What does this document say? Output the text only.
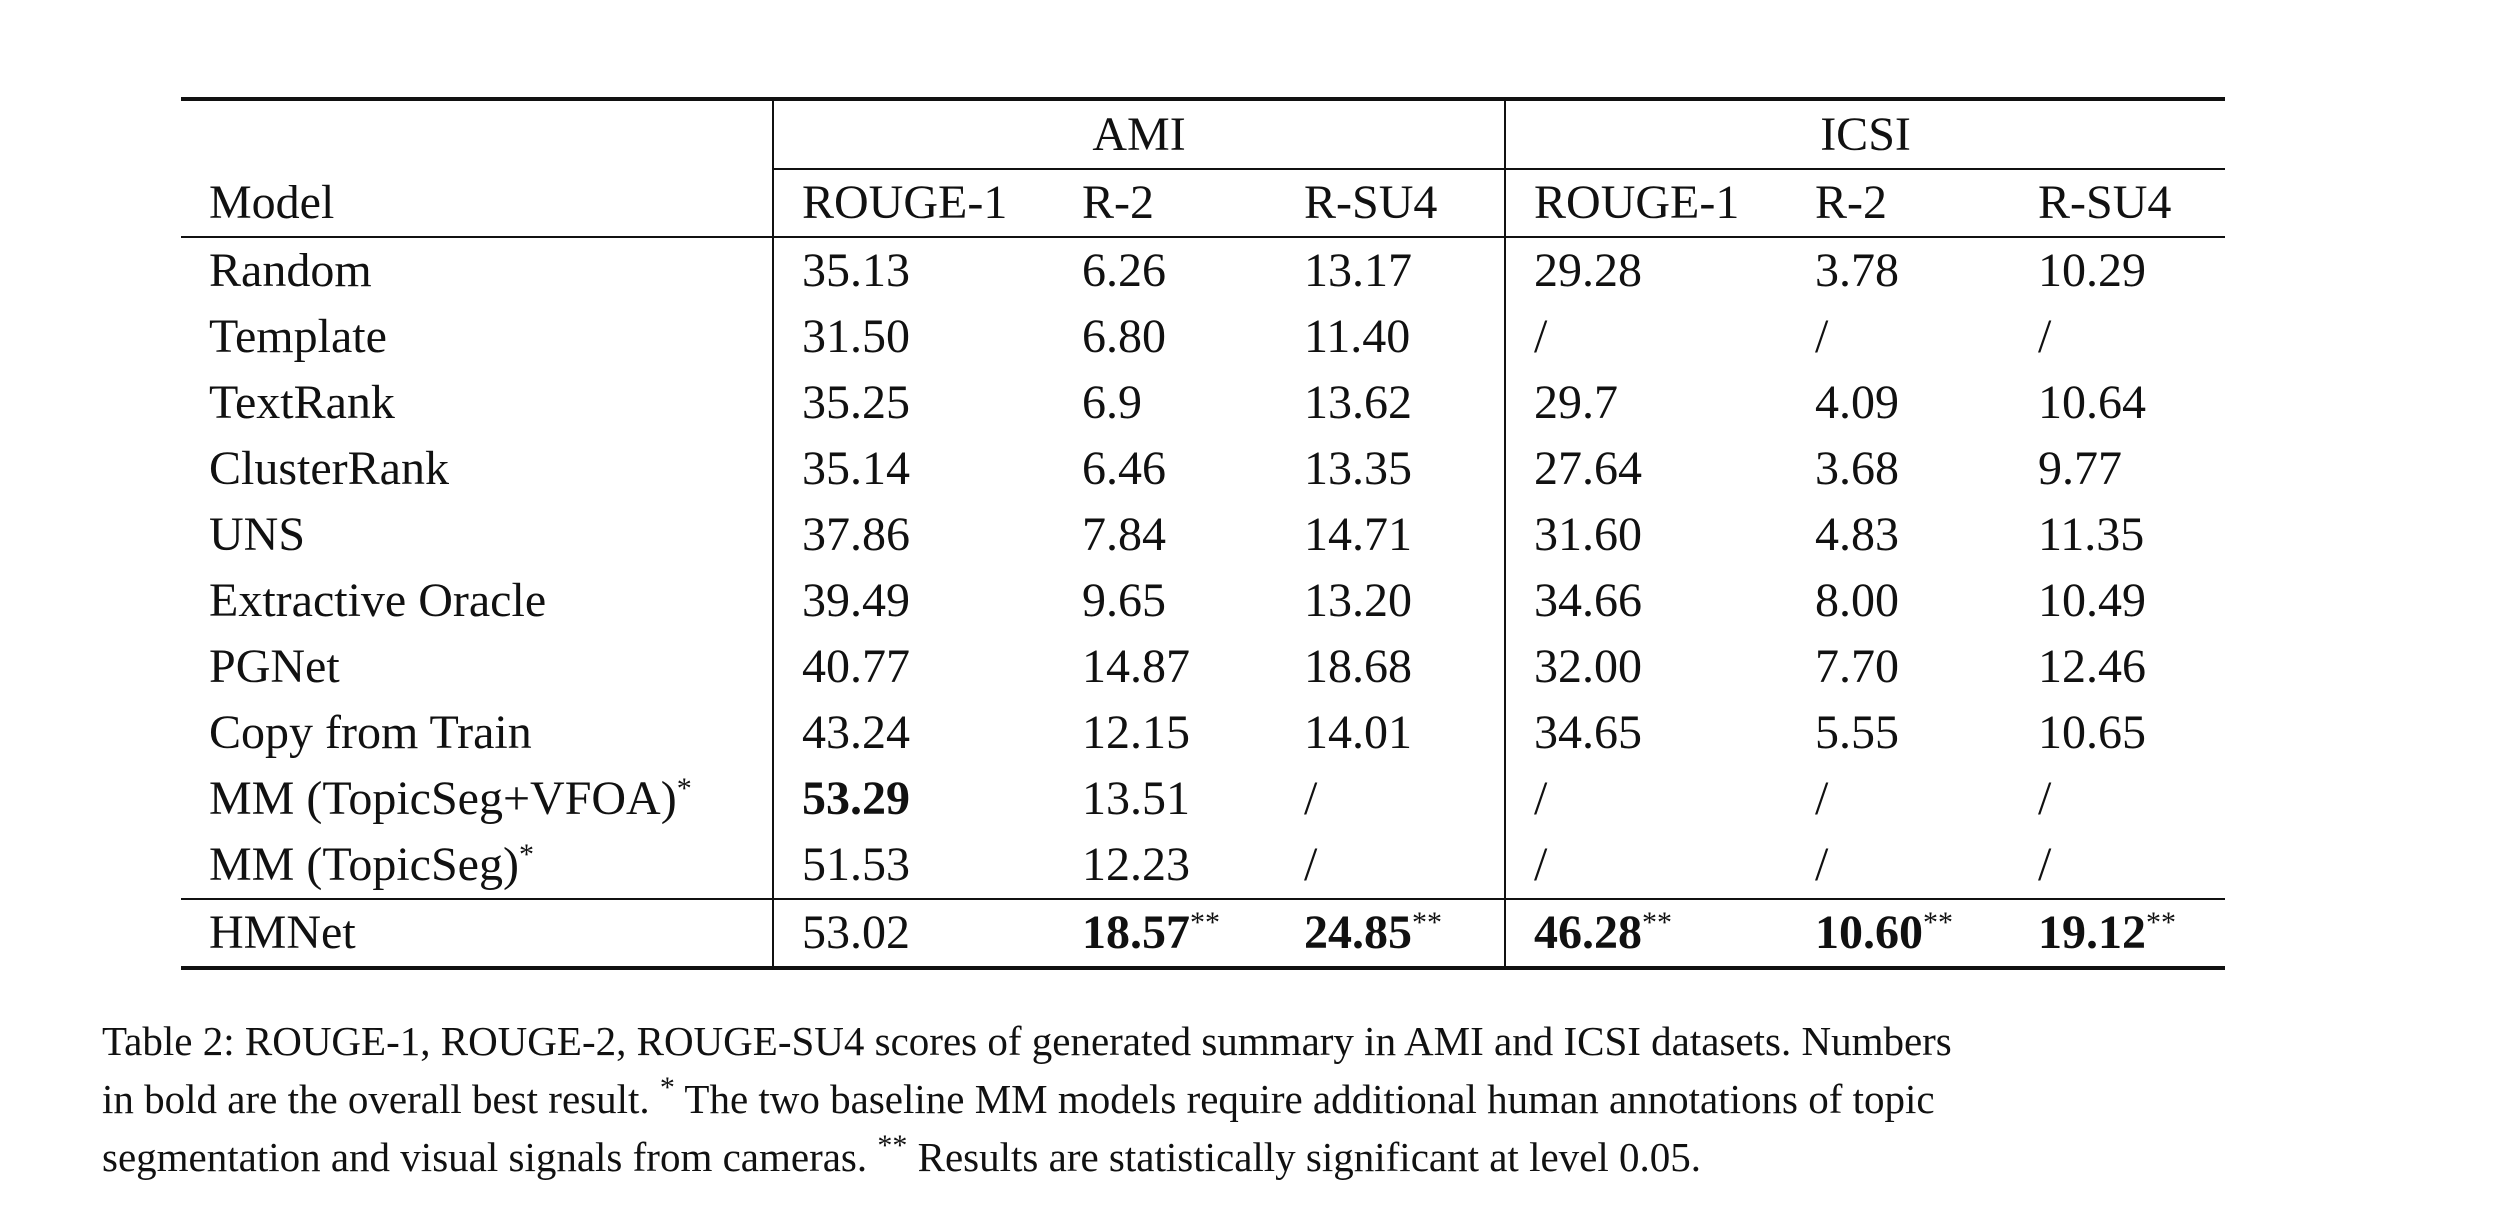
	AMI			ICSI		
Model	ROUGE-1	R-2	R-SU4	ROUGE-1	R-2	R-SU4
Random	35.13	6.26	13.17	29.28	3.78	10.29
Template	31.50	6.80	11.40	/	/	/
TextRank	35.25	6.9	13.62	29.7	4.09	10.64
ClusterRank	35.14	6.46	13.35	27.64	3.68	9.77
UNS	37.86	7.84	14.71	31.60	4.83	11.35
Extractive Oracle	39.49	9.65	13.20	34.66	8.00	10.49
PGNet	40.77	14.87	18.68	32.00	7.70	12.46
Copy from Train	43.24	12.15	14.01	34.65	5.55	10.65
MM (TopicSeg+VFOA)*	53.29	13.51	/	/	/	/
MM (TopicSeg)*	51.53	12.23	/	/	/	/
HMNet	53.02	18.57**	24.85**	46.28**	10.60**	19.12**

Table 2: ROUGE-1, ROUGE-2, ROUGE-SU4 scores of generated summary in AMI and ICSI datasets. Numbers

in bold are the overall best result. * The two baseline MM models require additional human annotations of topic

segmentation and visual signals from cameras. ** Results are statistically significant at level 0.05.
